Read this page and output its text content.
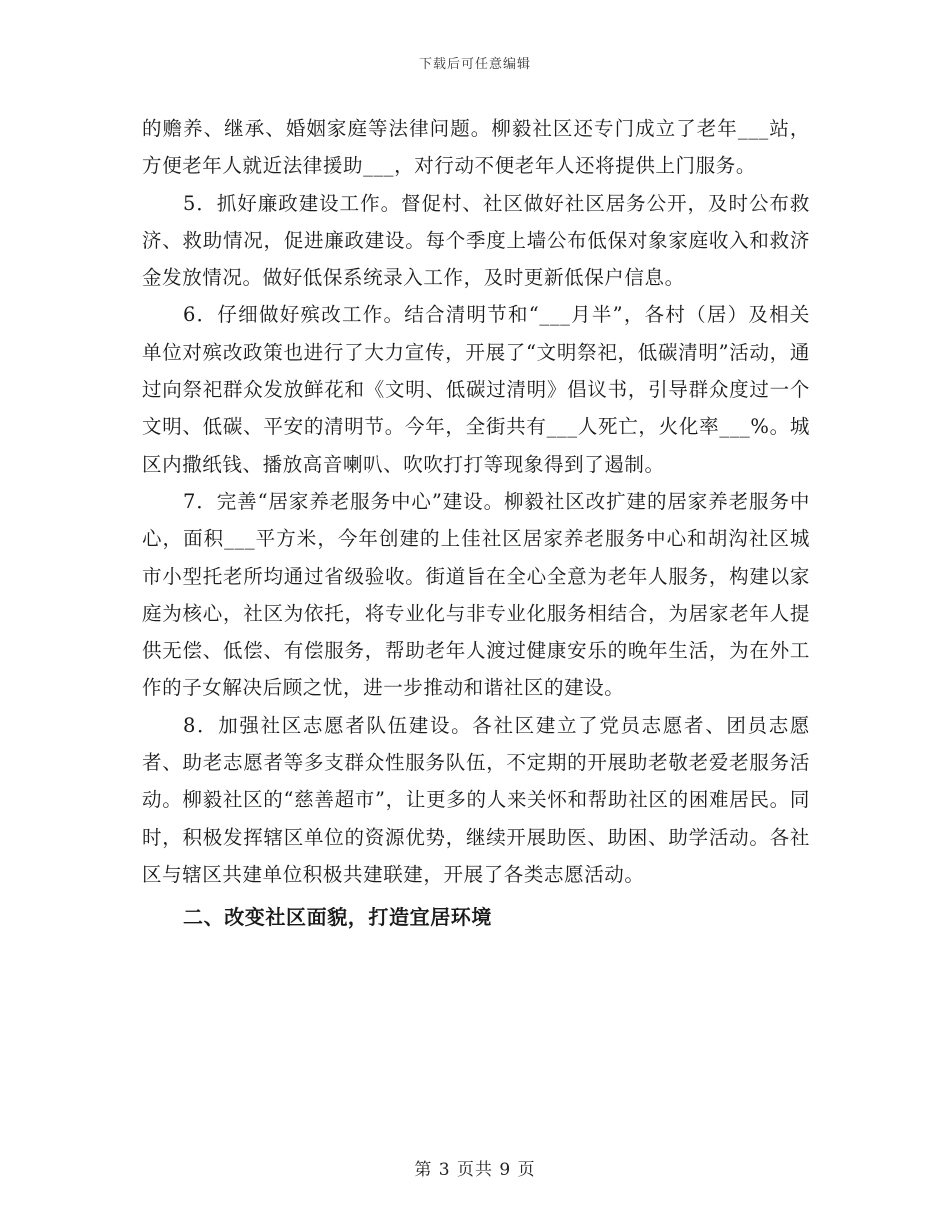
下载后可任意编辑

的赡养、继承、婚姻家庭等法律问题。柳毅社区还专门成立了老年___站，方便老年人就近法律援助___，对行动不便老年人还将提供上门服务。

5．抓好廉政建设工作。督促村、社区做好社区居务公开，及时公布救济、救助情况，促进廉政建设。每个季度上墙公布低保对象家庭收入和救济金发放情况。做好低保系统录入工作，及时更新低保户信息。

6．仔细做好殡改工作。结合清明节和“___月半”，各村（居）及相关单位对殡改政策也进行了大力宣传，开展了“文明祭祀，低碳清明”活动，通过向祭祀群众发放鲜花和《文明、低碳过清明》倡议书，引导群众度过一个文明、低碳、平安的清明节。今年，全街共有___人死亡，火化率___%。城区内撒纸钱、播放高音喇叭、吹吹打打等现象得到了遏制。

7．完善“居家养老服务中心”建设。柳毅社区改扩建的居家养老服务中心，面积___平方米，今年创建的上佳社区居家养老服务中心和胡沟社区城市小型托老所均通过省级验收。街道旨在全心全意为老年人服务，构建以家庭为核心，社区为依托，将专业化与非专业化服务相结合，为居家老年人提供无偿、低偿、有偿服务，帮助老年人渡过健康安乐的晚年生活，为在外工作的子女解决后顾之忧，进一步推动和谐社区的建设。

8．加强社区志愿者队伍建设。各社区建立了党员志愿者、团员志愿者、助老志愿者等多支群众性服务队伍，不定期的开展助老敬老爱老服务活动。柳毅社区的“慈善超市”，让更多的人来关怀和帮助社区的困难居民。同时，积极发挥辖区单位的资源优势，继续开展助医、助困、助学活动。各社区与辖区共建单位积极共建联建，开展了各类志愿活动。

二、改变社区面貌，打造宜居环境

第 3 页共 9 页
